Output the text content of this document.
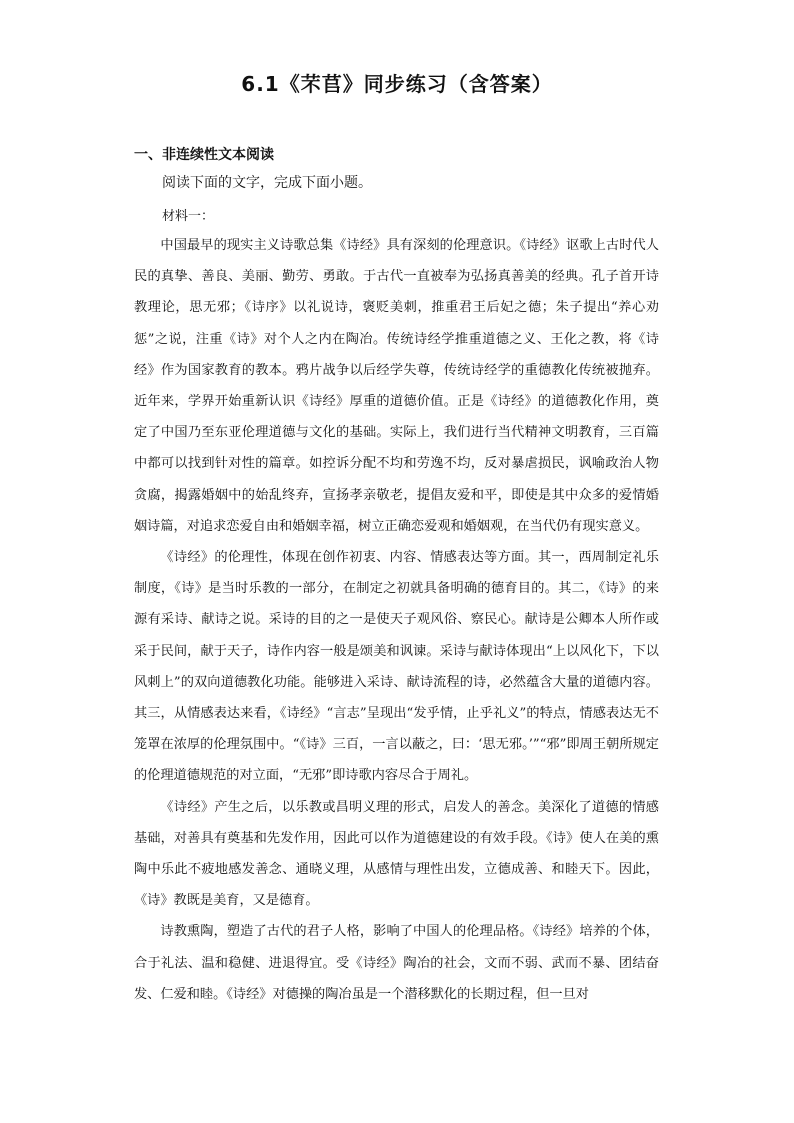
6.1《芣苢》同步练习（含答案）
一、非连续性文本阅读
阅读下面的文字，完成下面小题。
材料一：

中国最早的现实主义诗歌总集《诗经》具有深刻的伦理意识。《诗经》讴歌上古时代人民的真挚、善良、美丽、勤劳、勇敢。于古代一直被奉为弘扬真善美的经典。孔子首开诗教理论，思无邪；《诗序》以礼说诗，褒贬美刺，推重君王后妃之德；朱子提出“养心劝惩”之说，注重《诗》对个人之内在陶冶。传统诗经学推重道德之义、王化之教，将《诗经》作为国家教育的教本。鸦片战争以后经学失尊，传统诗经学的重德教化传统被抛弃。近年来，学界开始重新认识《诗经》厚重的道德价值。正是《诗经》的道德教化作用，奠定了中国乃至东亚伦理道德与文化的基础。实际上，我们进行当代精神文明教育，三百篇中都可以找到针对性的篇章。如控诉分配不均和劳逸不均，反对暴虐损民，讽喻政治人物贪腐，揭露婚姻中的始乱终弃，宣扬孝亲敬老，提倡友爱和平，即使是其中众多的爱情婚姻诗篇，对追求恋爱自由和婚姻幸福，树立正确恋爱观和婚姻观，在当代仍有现实意义。

《诗经》的伦理性，体现在创作初衷、内容、情感表达等方面。其一，西周制定礼乐制度，《诗》是当时乐教的一部分，在制定之初就具备明确的德育目的。其二，《诗》的来源有采诗、献诗之说。采诗的目的之一是使天子观风俗、察民心。献诗是公卿本人所作或采于民间，献于天子，诗作内容一般是颂美和讽谏。采诗与献诗体现出“上以风化下，下以风刺上”的双向道德教化功能。能够进入采诗、献诗流程的诗，必然蕴含大量的道德内容。其三，从情感表达来看，《诗经》“言志”呈现出“发乎情，止乎礼义”的特点，情感表达无不笼罩在浓厚的伦理氛围中。“《诗》三百，一言以蔽之，曰：‘思无邪。’”“邪”即周王朝所规定的伦理道德规范的对立面，“无邪”即诗歌内容尽合于周礼。

《诗经》产生之后，以乐教或昌明义理的形式，启发人的善念。美深化了道德的情感基础，对善具有奠基和先发作用，因此可以作为道德建设的有效手段。《诗》使人在美的熏陶中乐此不疲地感发善念、通晓义理，从感情与理性出发，立德成善、和睦天下。因此，《诗》教既是美育，又是德育。

诗教熏陶，塑造了古代的君子人格，影响了中国人的伦理品格。《诗经》培养的个体，合于礼法、温和稳健、进退得宜。受《诗经》陶冶的社会，文而不弱、武而不暴、团结奋发、仁爱和睦。《诗经》对德操的陶冶虽是一个潜移默化的长期过程，但一旦对
